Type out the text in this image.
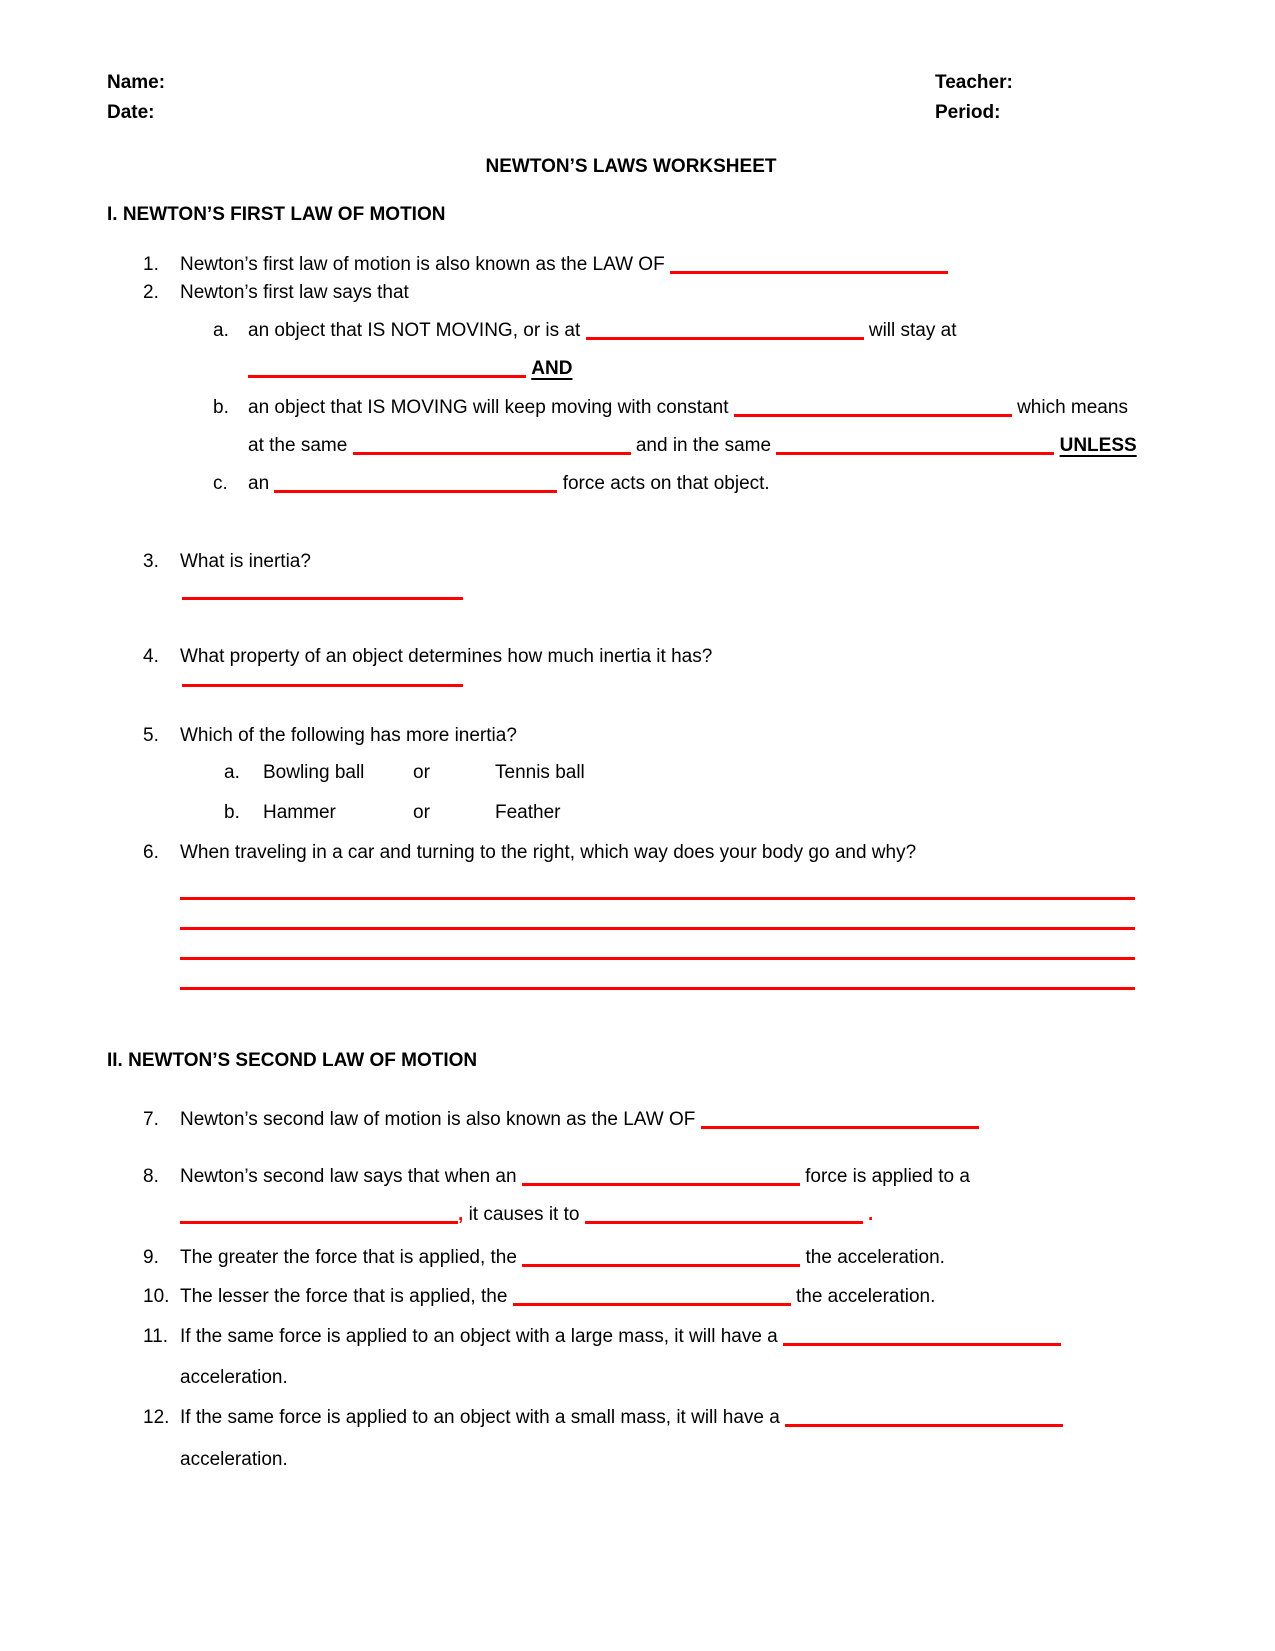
Name:
Date:
Teacher:
Period:
NEWTON’S LAWS WORKSHEET
I. NEWTON’S FIRST LAW OF MOTION
1.	Newton’s first law of motion is also known as the LAW OF
2.	Newton’s first law says that
a.	an object that IS NOT MOVING, or is at	will stay at
AND
b.	an object that IS MOVING will keep moving with constant	which means
at the same	and in the same	UNLESS
c.	an	force acts on that object.
3.	What is inertia?
4.	What property of an object determines how much inertia it has?
5.	Which of the following has more inertia?
a.	Bowling ball	or	Tennis ball
b.	Hammer	or	Feather
6.	When traveling in a car and turning to the right, which way does your body go and why?
II. NEWTON’S SECOND LAW OF MOTION
7.	Newton’s second law of motion is also known as the LAW OF
8.	Newton’s second law says that when an	force is applied to a
, it causes it to	.
9.	The greater the force that is applied, the	the acceleration.
10. The lesser the force that is applied, the	the acceleration.
11. If the same force is applied to an object with a large mass, it will have a
acceleration.
12. If the same force is applied to an object with a small mass, it will have a
acceleration.
